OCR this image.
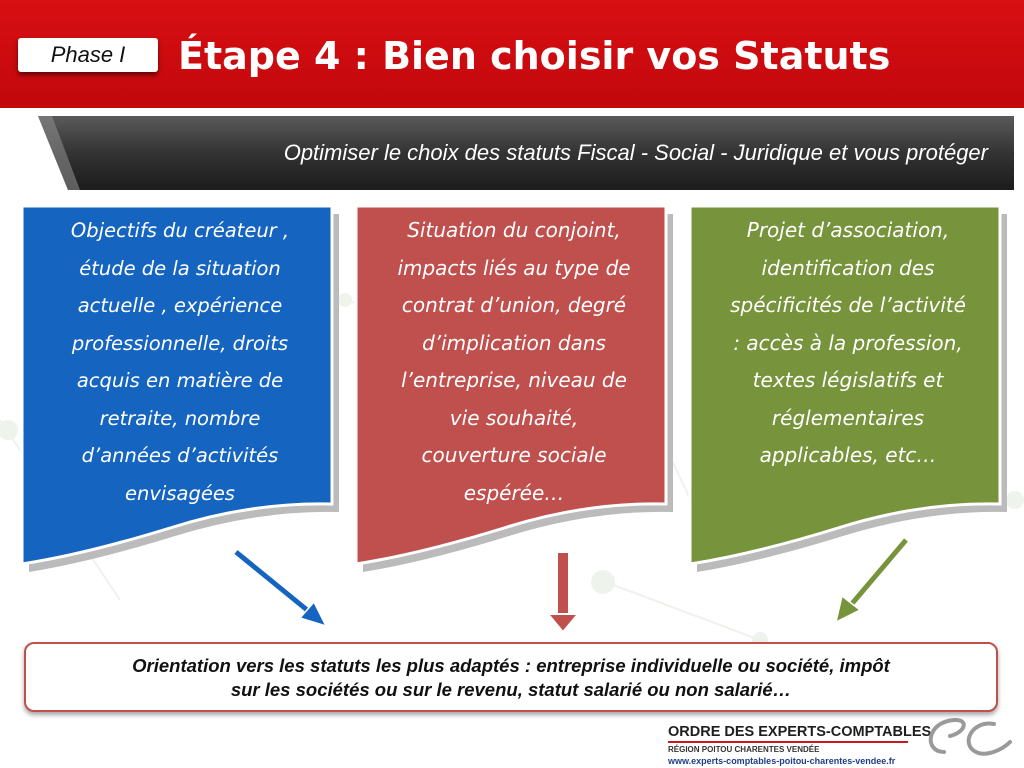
Phase I	Étape 4 : Bien choisir vos Statuts
Optimiser le choix des statuts Fiscal - Social - Juridique et vous protéger
Objectifs du créateur ,
étude de la situation
actuelle , expérience
professionnelle, droits
acquis en matière de
retraite, nombre
d’années d’activités
envisagées
Situation du conjoint,
impacts liés au type de
contrat d’union, degré
d’implication dans
l’entreprise, niveau de
vie souhaité,
couverture sociale
espérée…
Projet d’association,
identification des
spécificités de l’activité
: accès à la profession,
textes législatifs et
réglementaires
applicables, etc…
Orientation vers les statuts les plus adaptés : entreprise individuelle ou société, impôt
sur les sociétés ou sur le revenu, statut salarié ou non salarié…
ORDRE DES EXPERTS-COMPTABLES
RÉGION POITOU CHARENTES VENDÉE
www.experts-comptables-poitou-charentes-vendee.fr
